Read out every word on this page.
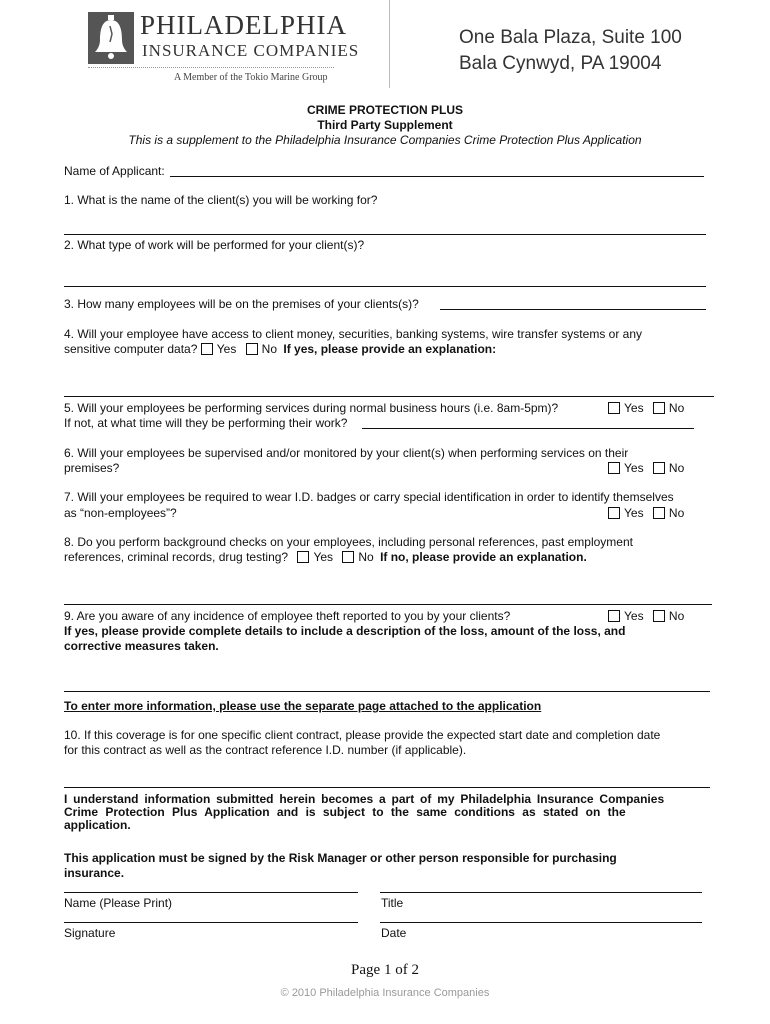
PHILADELPHIA
INSURANCE COMPANIES
A Member of the Tokio Marine Group
One Bala Plaza, Suite 100
Bala Cynwyd, PA 19004
CRIME PROTECTION PLUS
Third Party Supplement
This is a supplement to the Philadelphia Insurance Companies Crime Protection Plus Application
Name of Applicant:
1. What is the name of the client(s) you will be working for?
2. What type of work will be performed for your client(s)?
3. How many employees will be on the premises of your clients(s)?
4. Will your employee have access to client money, securities, banking systems, wire transfer systems or any
sensitive computer data? Yes No If yes, please provide an explanation:
5. Will your employees be performing services during normal business hours (i.e. 8am-5pm)?	Yes No
If not, at what time will they be performing their work?
6. Will your employees be supervised and/or monitored by your client(s) when performing services on their
premises?	Yes No
7. Will your employees be required to wear I.D. badges or carry special identification in order to identify themselves
as “non-employees”?	Yes No
8. Do you perform background checks on your employees, including personal references, past employment
references, criminal records, drug testing? Yes No If no, please provide an explanation.
9. Are you aware of any incidence of employee theft reported to you by your clients?	Yes No
If yes, please provide complete details to include a description of the loss, amount of the loss, and
corrective measures taken.
To enter more information, please use the separate page attached to the application
10. If this coverage is for one specific client contract, please provide the expected start date and completion date
for this contract as well as the contract reference I.D. number (if applicable).
I understand information submitted herein becomes a part of my Philadelphia Insurance Companies
Crime Protection Plus Application and is subject to the same conditions as stated on the
application.
This application must be signed by the Risk Manager or other person responsible for purchasing
insurance.
Name (Please Print)	Title
Signature	Date
Page 1 of 2
© 2010 Philadelphia Insurance Companies
